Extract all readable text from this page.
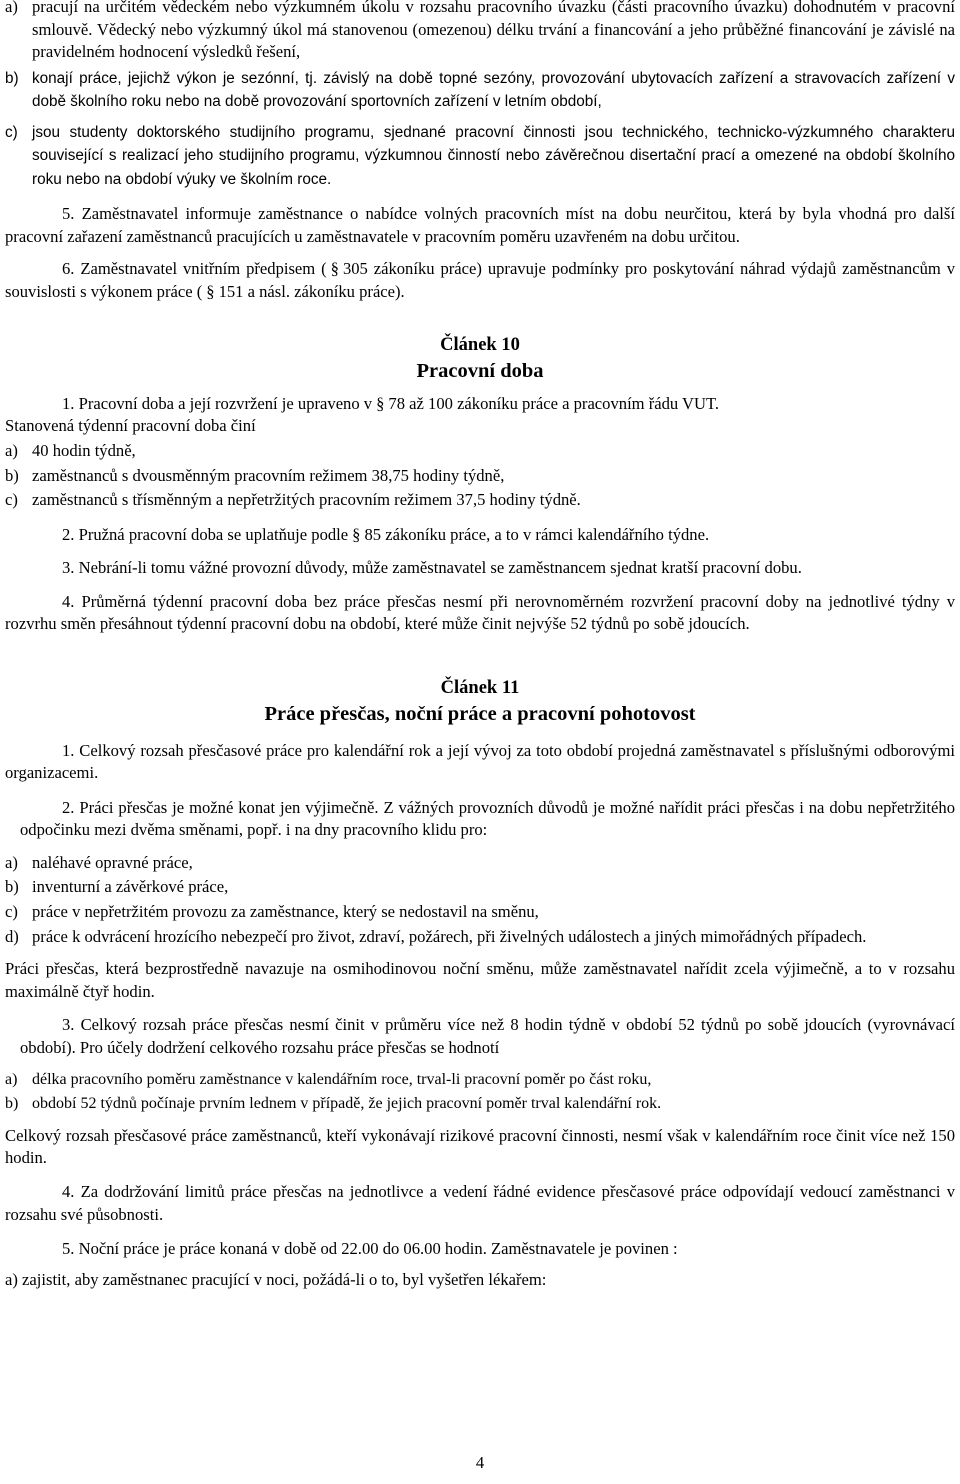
a) pracují na určitém vědeckém nebo výzkumném úkolu v rozsahu pracovního úvazku (části pracovního úvazku) dohodnutém v pracovní smlouvě. Vědecký nebo výzkumný úkol má stanovenou (omezenou) délku trvání a financování a jeho průběžné financování je závislé na pravidelném hodnocení výsledků řešení,
b) konají práce, jejichž výkon je sezónní, tj. závislý na době topné sezóny, provozování ubytovacích zařízení a stravovacích zařízení v době školního roku nebo na době provozování sportovních zařízení v letním období,
c) jsou studenty doktorského studijního programu, sjednané pracovní činnosti jsou technického, technicko-výzkumného charakteru související s realizací jeho studijního programu, výzkumnou činností nebo závěrečnou disertační prací a omezené na období školního roku nebo na období výuky ve školním roce.

5. Zaměstnavatel informuje zaměstnance o nabídce volných pracovních míst na dobu neurčitou, která by byla vhodná pro další pracovní zařazení zaměstnanců pracujících u zaměstnavatele v pracovním poměru uzavřeném na dobu určitou.

6. Zaměstnavatel vnitřním předpisem ( § 305 zákoníku práce) upravuje podmínky pro poskytování náhrad výdajů zaměstnancům v souvislosti s výkonem práce ( § 151 a násl. zákoníku práce).

Článek 10
Pracovní doba

1. Pracovní doba a její rozvržení je upraveno v § 78 až 100 zákoníku práce a pracovním řádu VUT.

Stanovená týdenní pracovní doba činí

a) 40 hodin týdně,
b) zaměstnanců s dvousměnným pracovním režimem 38,75 hodiny týdně,
c) zaměstnanců s třísměnným a nepřetržitých pracovním režimem 37,5 hodiny týdně.

2. Pružná pracovní doba se uplatňuje podle § 85 zákoníku práce, a to v rámci kalendářního týdne.

3. Nebrání-li tomu vážné provozní důvody, může zaměstnavatel se zaměstnancem sjednat kratší pracovní dobu.

4. Průměrná týdenní pracovní doba bez práce přesčas nesmí při nerovnoměrném rozvržení pracovní doby na jednotlivé týdny v rozvrhu směn přesáhnout týdenní pracovní dobu na období, které může činit nejvýše 52 týdnů po sobě jdoucích.

Článek 11
Práce přesčas, noční práce a pracovní pohotovost

1. Celkový rozsah přesčasové práce pro kalendářní rok a její vývoj za toto období projedná zaměstnavatel s příslušnými odborovými organizacemi.

2. Práci přesčas je možné konat jen výjimečně. Z vážných provozních důvodů je možné nařídit práci přesčas i na dobu nepřetržitého odpočinku mezi dvěma směnami, popř. i na dny pracovního klidu pro:

a) naléhavé opravné práce,
b) inventurní a závěrkové práce,
c) práce v nepřetržitém provozu za zaměstnance, který se nedostavil na směnu,
d) práce k odvrácení hrozícího nebezpečí pro život, zdraví, požárech, při živelných událostech a jiných mimořádných případech.

Práci přesčas, která bezprostředně navazuje na osmihodinovou noční směnu, může zaměstnavatel nařídit zcela výjimečně, a to v rozsahu maximálně čtyř hodin.

3. Celkový rozsah práce přesčas nesmí činit v průměru více než 8 hodin týdně v období 52 týdnů po sobě jdoucích (vyrovnávací období). Pro účely dodržení celkového rozsahu práce přesčas se hodnotí

a) délka pracovního poměru zaměstnance v kalendářním roce, trval-li pracovní poměr po část roku,
b) období 52 týdnů počínaje prvním lednem v případě, že jejich pracovní poměr trval kalendářní rok.

Celkový rozsah přesčasové práce zaměstnanců, kteří vykonávají rizikové pracovní činnosti, nesmí však v kalendářním roce činit více než 150 hodin.

4. Za dodržování limitů práce přesčas na jednotlivce a vedení řádné evidence přesčasové práce odpovídají vedoucí zaměstnanci v rozsahu své působnosti.

5. Noční práce je práce konaná v době od 22.00 do 06.00 hodin. Zaměstnavatele je povinen :

a) zajistit, aby zaměstnanec pracující v noci, požádá-li o to, byl vyšetřen lékařem:

4
